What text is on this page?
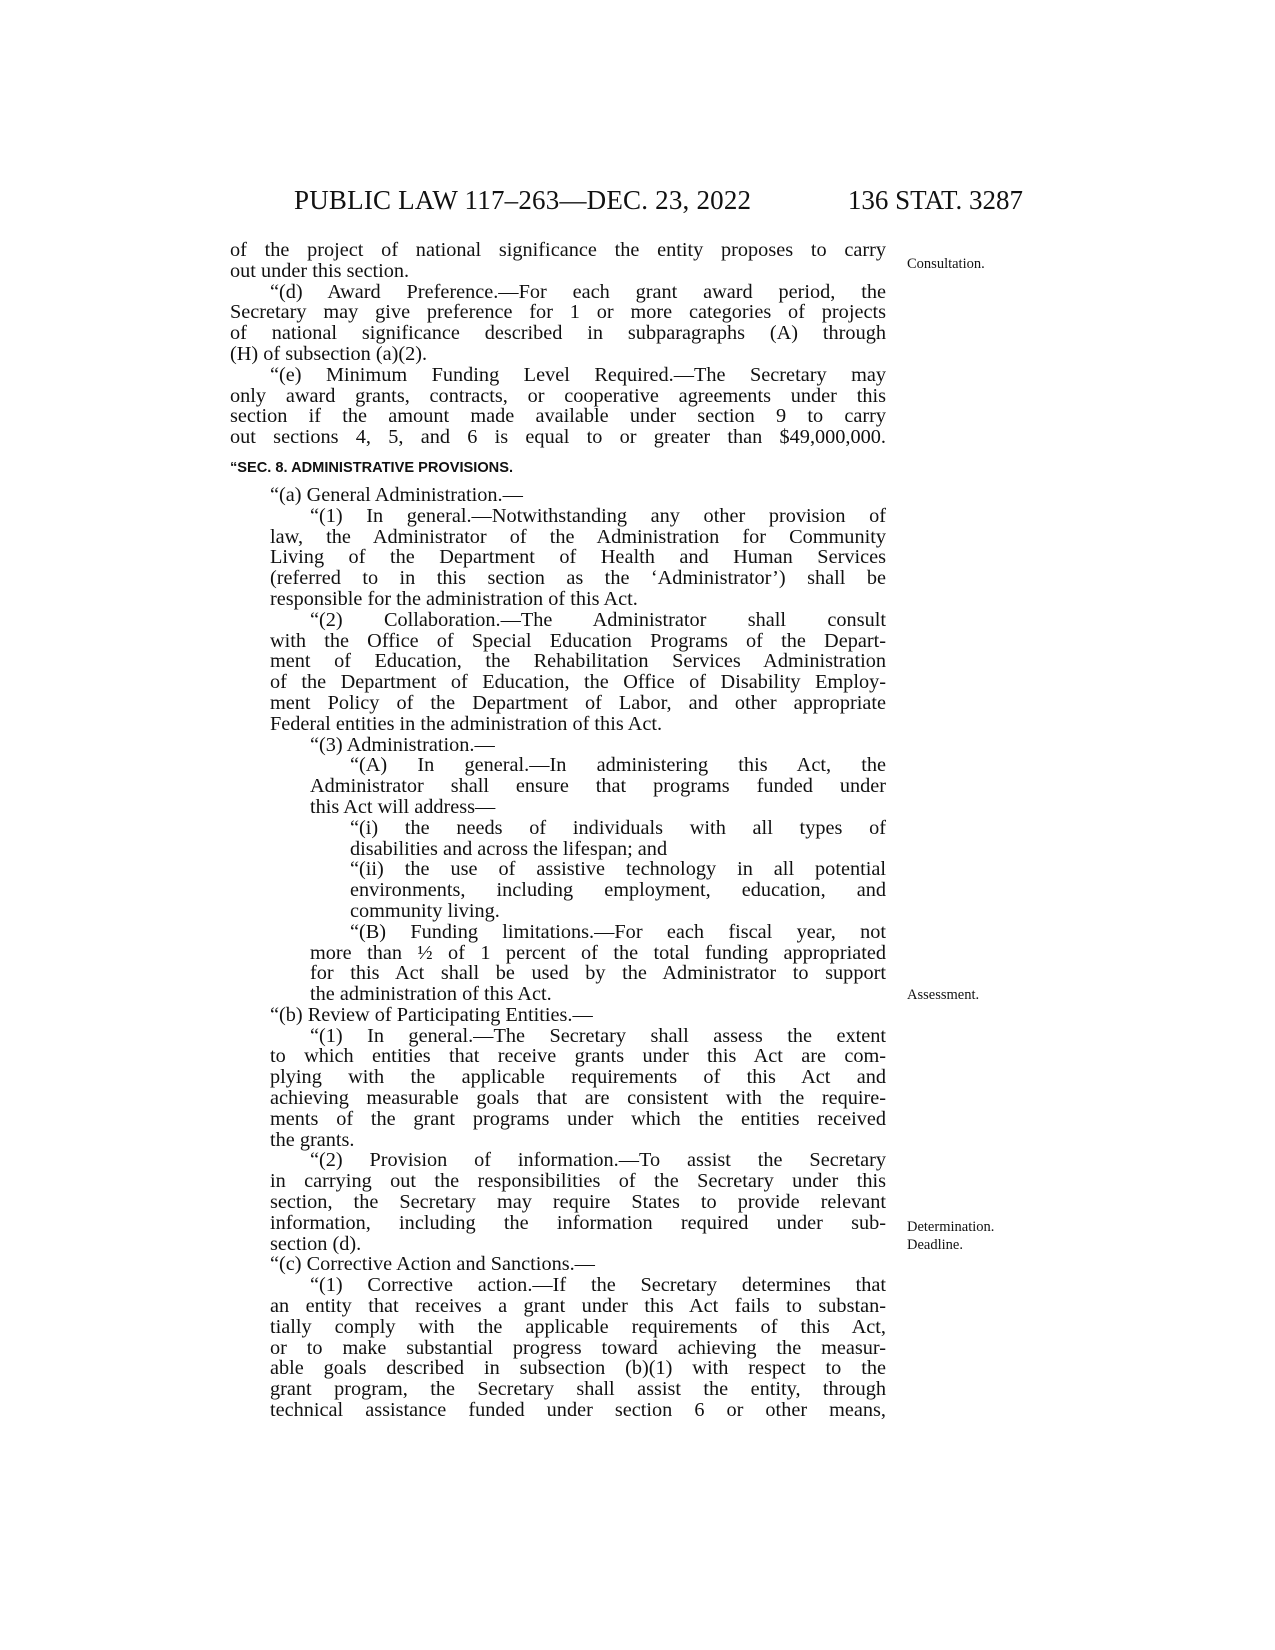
PUBLIC LAW 117–263—DEC. 23, 2022	136 STAT. 3287
of the project of national significance the entity proposes to carry
out under this section.
“(d) Award Preference.—For each grant award period, the
Secretary may give preference for 1 or more categories of projects
of national significance described in subparagraphs (A) through
(H) of subsection (a)(2).
“(e) Minimum Funding Level Required.—The Secretary may
only award grants, contracts, or cooperative agreements under this
section if the amount made available under section 9 to carry
out sections 4, 5, and 6 is equal to or greater than $49,000,000.
“SEC. 8. ADMINISTRATIVE PROVISIONS.
“(a) General Administration.—
“(1) In general.—Notwithstanding any other provision of
law, the Administrator of the Administration for Community
Living of the Department of Health and Human Services
(referred to in this section as the ‘Administrator’) shall be
responsible for the administration of this Act.
“(2) Collaboration.—The Administrator shall consult
with the Office of Special Education Programs of the Depart-
ment of Education, the Rehabilitation Services Administration
of the Department of Education, the Office of Disability Employ-
ment Policy of the Department of Labor, and other appropriate
Federal entities in the administration of this Act.
“(3) Administration.—
“(A) In general.—In administering this Act, the
Administrator shall ensure that programs funded under
this Act will address—
“(i) the needs of individuals with all types of
disabilities and across the lifespan; and
“(ii) the use of assistive technology in all potential
environments, including employment, education, and
community living.
“(B) Funding limitations.—For each fiscal year, not
more than ½ of 1 percent of the total funding appropriated
for this Act shall be used by the Administrator to support
the administration of this Act.
“(b) Review of Participating Entities.—
“(1) In general.—The Secretary shall assess the extent
to which entities that receive grants under this Act are com-
plying with the applicable requirements of this Act and
achieving measurable goals that are consistent with the require-
ments of the grant programs under which the entities received
the grants.
“(2) Provision of information.—To assist the Secretary
in carrying out the responsibilities of the Secretary under this
section, the Secretary may require States to provide relevant
information, including the information required under sub-
section (d).
“(c) Corrective Action and Sanctions.—
“(1) Corrective action.—If the Secretary determines that
an entity that receives a grant under this Act fails to substan-
tially comply with the applicable requirements of this Act,
or to make substantial progress toward achieving the measur-
able goals described in subsection (b)(1) with respect to the
grant program, the Secretary shall assist the entity, through
technical assistance funded under section 6 or other means,
Consultation.
Assessment.
Determination.
Deadline.
